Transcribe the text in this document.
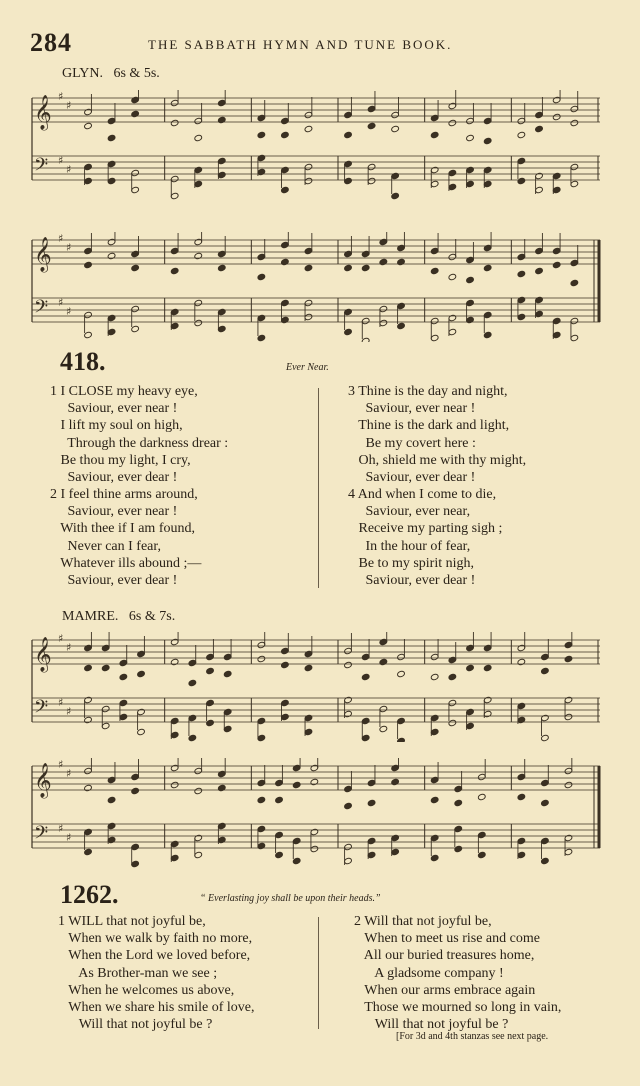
284	THE SABBATH HYMN AND TUNE BOOK.
GLYN. 6s & 5s.
𝄞
𝄢
♯
♯
♯
♯
𝄞
𝄢
♯
♯
♯
♯
418.	Ever Near.
1 I CLOSE my heavy eye,
Saviour, ever near !
I lift my soul on high,
Through the darkness drear :
Be thou my light, I cry,
Saviour, ever dear !
2 I feel thine arms around,
Saviour, ever near !
With thee if I am found,
Never can I fear,
Whatever ills abound ;—
Saviour, ever dear !
3 Thine is the day and night,
Saviour, ever near !
Thine is the dark and light,
Be my covert here :
Oh, shield me with thy might,
Saviour, ever dear !
4 And when I come to die,
Saviour, ever near,
Receive my parting sigh ;
In the hour of fear,
Be to my spirit nigh,
Saviour, ever dear !
MAMRE. 6s & 7s.
𝄞
𝄢
♯
♯
♯
♯
𝄞
𝄢
♯
♯
♯
♯
1262.	“ Everlasting joy shall be upon their heads.”
1 WILL that not joyful be,
When we walk by faith no more,
When the Lord we loved before,
As Brother-man we see ;
When he welcomes us above,
When we share his smile of love,
Will that not joyful be ?
2 Will that not joyful be,
When to meet us rise and come
All our buried treasures home,
A gladsome company !
When our arms embrace again
Those we mourned so long in vain,
Will that not joyful be ?
[For 3d and 4th stanzas see next page.
